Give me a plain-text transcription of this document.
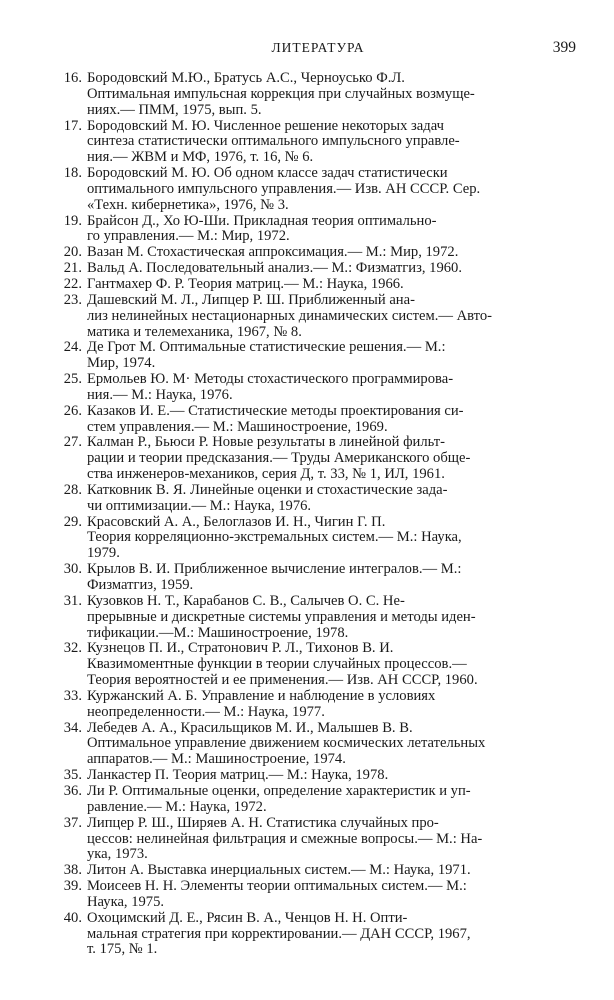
ЛИТЕРАТУРА	399
16. Бородовский М.Ю., Братусь А.С., Черноусько Ф.Л.
Оптимальная импульсная коррекция при случайных возмуще-
ниях.— ПММ, 1975, вып. 5.
17. Бородовский М. Ю. Численное решение некоторых задач
синтеза статистически оптимального импульсного управле-
ния.— ЖВМ и МФ, 1976, т. 16, № 6.
18. Бородовский М. Ю. Об одном классе задач статистически
оптимального импульсного управления.— Изв. АН СССР. Сер.
«Техн. кибернетика», 1976, № 3.
19. Брайсон Д., Хо Ю-Ши. Прикладная теория оптимально-
го управления.— М.: Мир, 1972.
20. Вазан М. Стохастическая аппроксимация.— М.: Мир, 1972.
21. Вальд А. Последовательный анализ.— М.: Физматгиз, 1960.
22. Гантмахер Ф. Р. Теория матриц.— М.: Наука, 1966.
23. Дашевский М. Л., Липцер Р. Ш. Приближенный ана-
лиз нелинейных нестационарных динамических систем.— Авто-
матика и телемеханика, 1967, № 8.
24. Де Грот М. Оптимальные статистические решения.— М.:
Мир, 1974.
25. Ермольев Ю. М· Методы стохастического программирова-
ния.— М.: Наука, 1976.
26. Казаков И. Е.— Статистические методы проектирования си-
стем управления.— М.: Машиностроение, 1969.
27. Калман Р., Бьюси Р. Новые результаты в линейной фильт-
рации и теории предсказания.— Труды Американского обще-
ства инженеров-механиков, серия Д, т. 33, № 1, ИЛ, 1961.
28. Катковник В. Я. Линейные оценки и стохастические зада-
чи оптимизации.— М.: Наука, 1976.
29. Красовский А. А., Белоглазов И. Н., Чигин Г. П.
Теория корреляционно-экстремальных систем.— М.: Наука,
1979.
30. Крылов В. И. Приближенное вычисление интегралов.— М.:
Физматгиз, 1959.
31. Кузовков Н. Т., Карабанов С. В., Салычев О. С. Не-
прерывные и дискретные системы управления и методы иден-
тификации.—М.: Машиностроение, 1978.
32. Кузнецов П. И., Стратонович Р. Л., Тихонов В. И.
Квазимоментные функции в теории случайных процессов.—
Теория вероятностей и ее применения.— Изв. АН СССР, 1960.
33. Куржанский А. Б. Управление и наблюдение в условиях
неопределенности.— М.: Наука, 1977.
34. Лебедев А. А., Красильщиков М. И., Малышев В. В.
Оптимальное управление движением космических летательных
аппаратов.— М.: Машиностроение, 1974.
35. Ланкастер П. Теория матриц.— М.: Наука, 1978.
36. Ли Р. Оптимальные оценки, определение характеристик и уп-
равление.— М.: Наука, 1972.
37. Липцер Р. Ш., Ширяев А. Н. Статистика случайных про-
цессов: нелинейная фильтрация и смежные вопросы.— М.: На-
ука, 1973.
38. Литон А. Выставка инерциальных систем.— М.: Наука, 1971.
39. Моисеев Н. Н. Элементы теории оптимальных систем.— М.:
Наука, 1975.
40. Охоцимский Д. Е., Рясин В. А., Ченцов Н. Н. Опти-
мальная стратегия при корректировании.— ДАН СССР, 1967,
т. 175, № 1.
